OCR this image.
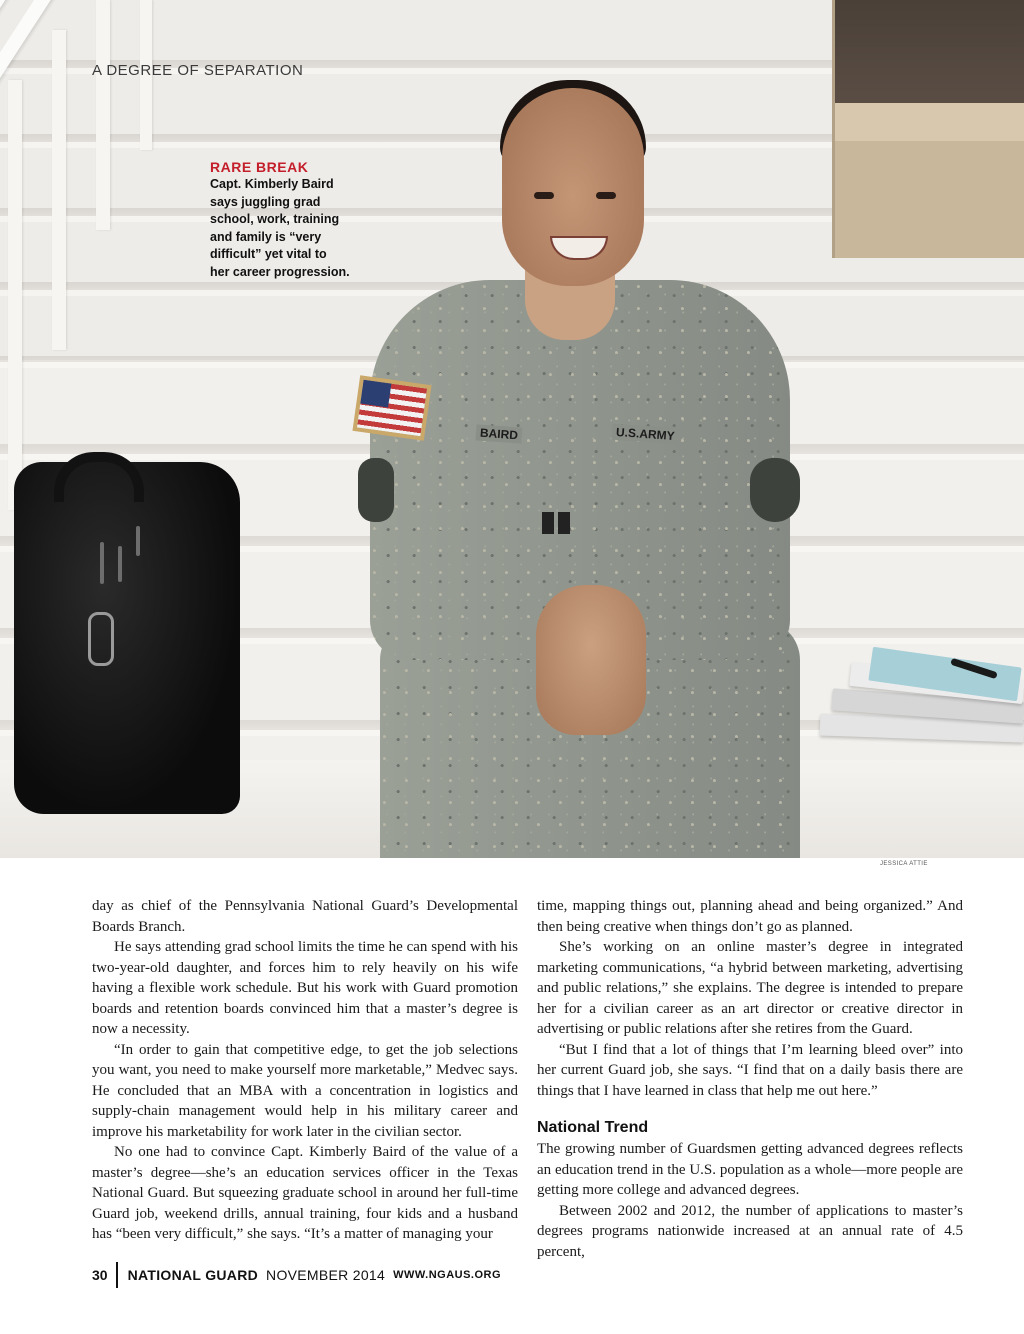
BAIRD	U.S.ARMY
A DEGREE OF SEPARATION
RARE BREAK
Capt. Kimberly Baird
says juggling grad
school, work, training
and family is “very
difficult” yet vital to
her career progression.
JESSICA ATTIE

day as chief of the Pennsylvania National Guard’s Developmental Boards Branch.

He says attending grad school limits the time he can spend with his two-year-old daughter, and forces him to rely heavily on his wife having a flexible work schedule. But his work with Guard promotion boards and retention boards convinced him that a master’s degree is now a necessity.

“In order to gain that competitive edge, to get the job selections you want, you need to make yourself more marketable,” Medvec says. He concluded that an MBA with a concentration in logistics and supply-chain management would help in his military career and improve his marketability for work later in the civilian sector.

No one had to convince Capt. Kimberly Baird of the value of a master’s degree—she’s an education services officer in the Texas National Guard. But squeezing graduate school in around her full-time Guard job, weekend drills, annual training, four kids and a husband has “been very difficult,” she says. “It’s a matter of managing your

time, mapping things out, planning ahead and being organized.” And then being creative when things don’t go as planned.

She’s working on an online master’s degree in integrated marketing communications, “a hybrid between marketing, advertising and public relations,” she explains. The degree is intended to prepare her for a civilian career as an art director or creative director in advertising or public relations after she retires from the Guard.

“But I find that a lot of things that I’m learning bleed over” into her current Guard job, she says. “I find that on a daily basis there are things that I have learned in class that help me out here.”

National Trend

The growing number of Guardsmen getting advanced degrees reflects an education trend in the U.S. population as a whole—more people are getting more college and advanced degrees.

Between 2002 and 2012, the number of applications to master’s degrees programs nationwide increased at an annual rate of 4.5 percent,

30 NATIONAL GUARD NOVEMBER 2014 WWW.NGAUS.ORG
